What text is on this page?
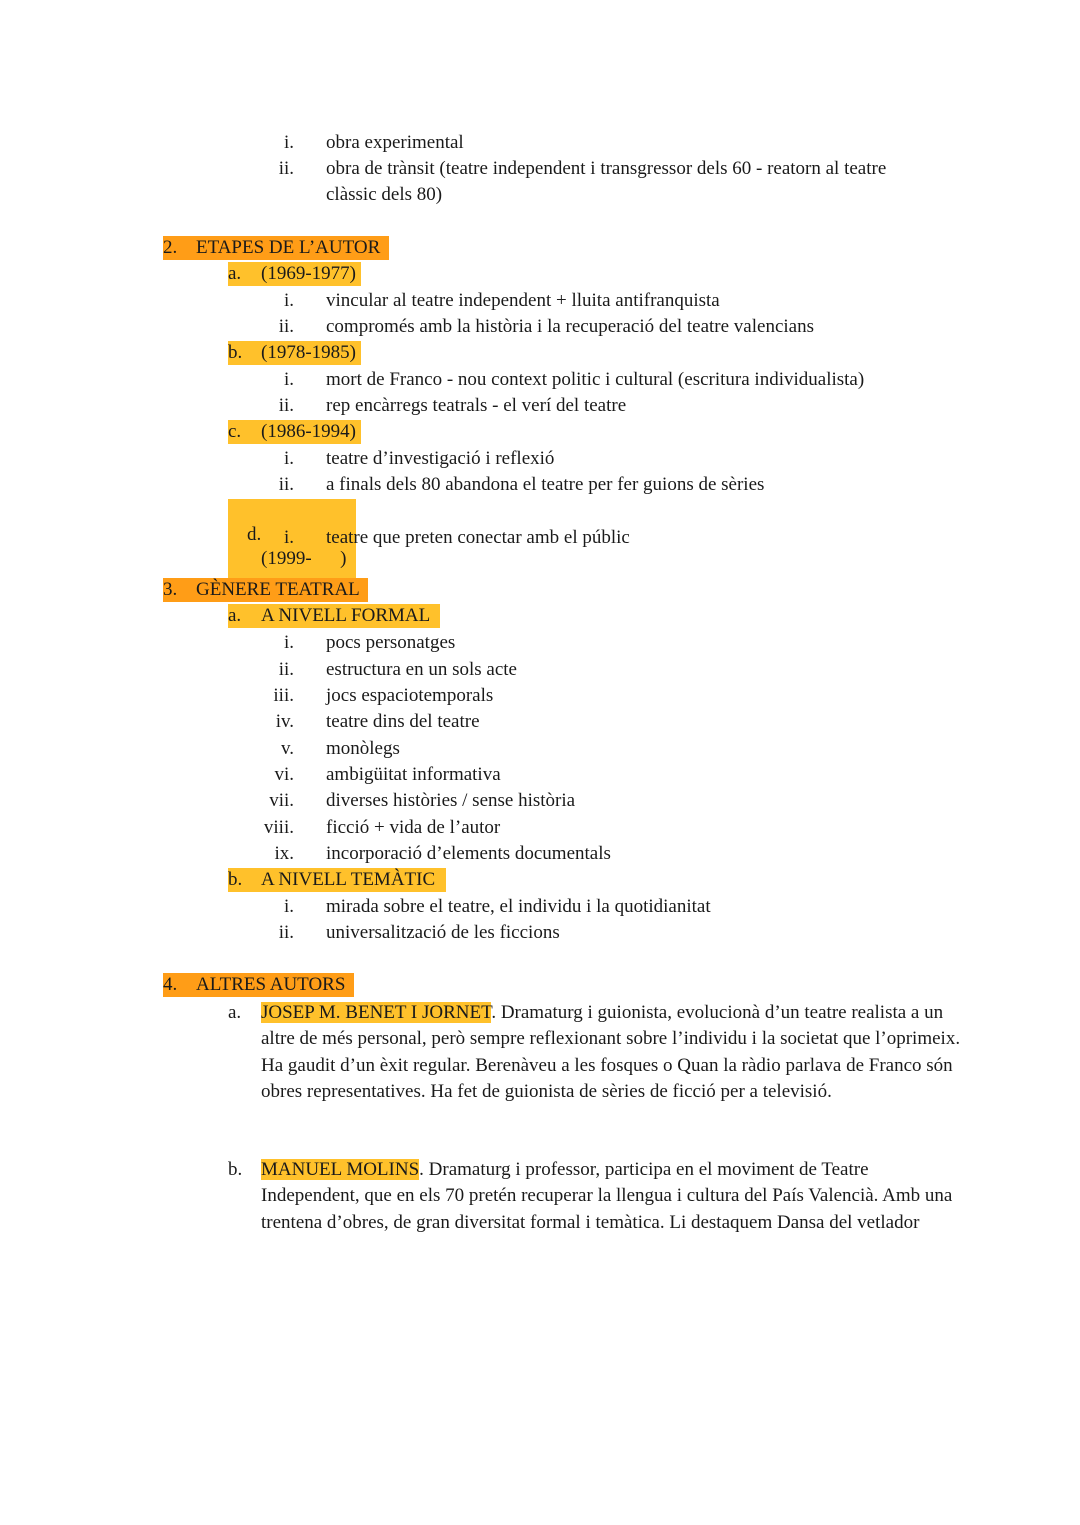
i. obra experimental
ii. obra de trànsit (teatre independent i transgressor dels 60 - reatorn al teatre
clàssic dels 80)
2. ETAPES DE L’AUTOR
a. (1969-1977)
i. vincular al teatre independent + lluita antifranquista
ii. compromés amb la història i la recuperació del teatre valencians
b. (1978-1985)
i. mort de Franco - nou context politic i cultural (escritura individualista)
ii. rep encàrregs teatrals - el verí del teatre
c. (1986-1994)
i. teatre d’investigació i reflexió
ii. a finals dels 80 abandona el teatre per fer guions de sèries

d.

(1999-      )

i. teatre que preten conectar amb el públic
3. GÈNERE TEATRAL
a. A NIVELL FORMAL
i. pocs personatges
ii. estructura en un sols acte
iii. jocs espaciotemporals
iv. teatre dins del teatre
v. monòlegs
vi. ambigüitat informativa
vii. diverses històries / sense història
viii. ficció + vida de l’autor
ix. incorporació d’elements documentals
b. A NIVELL TEMÀTIC
i. mirada sobre el teatre, el individu i la quotidianitat
ii. universalització de les ficcions
4. ALTRES AUTORS
a. JOSEP M. BENET I JORNET. Dramaturg i guionista, evolucionà d’un teatre realista a un altre de més personal, però sempre reflexionant sobre l’individu i la societat que l’oprimeix. Ha gaudit d’un èxit regular. Berenàveu a les fosques o Quan la ràdio parlava de Franco són obres representatives. Ha fet de guionista de sèries de ficció per a televisió.
b. MANUEL MOLINS. Dramaturg i professor, participa en el moviment de Teatre Independent, que en els 70 pretén recuperar la llengua i cultura del País Valencià. Amb una trentena d’obres, de gran diversitat formal i temàtica. Li destaquem Dansa del vetlador
